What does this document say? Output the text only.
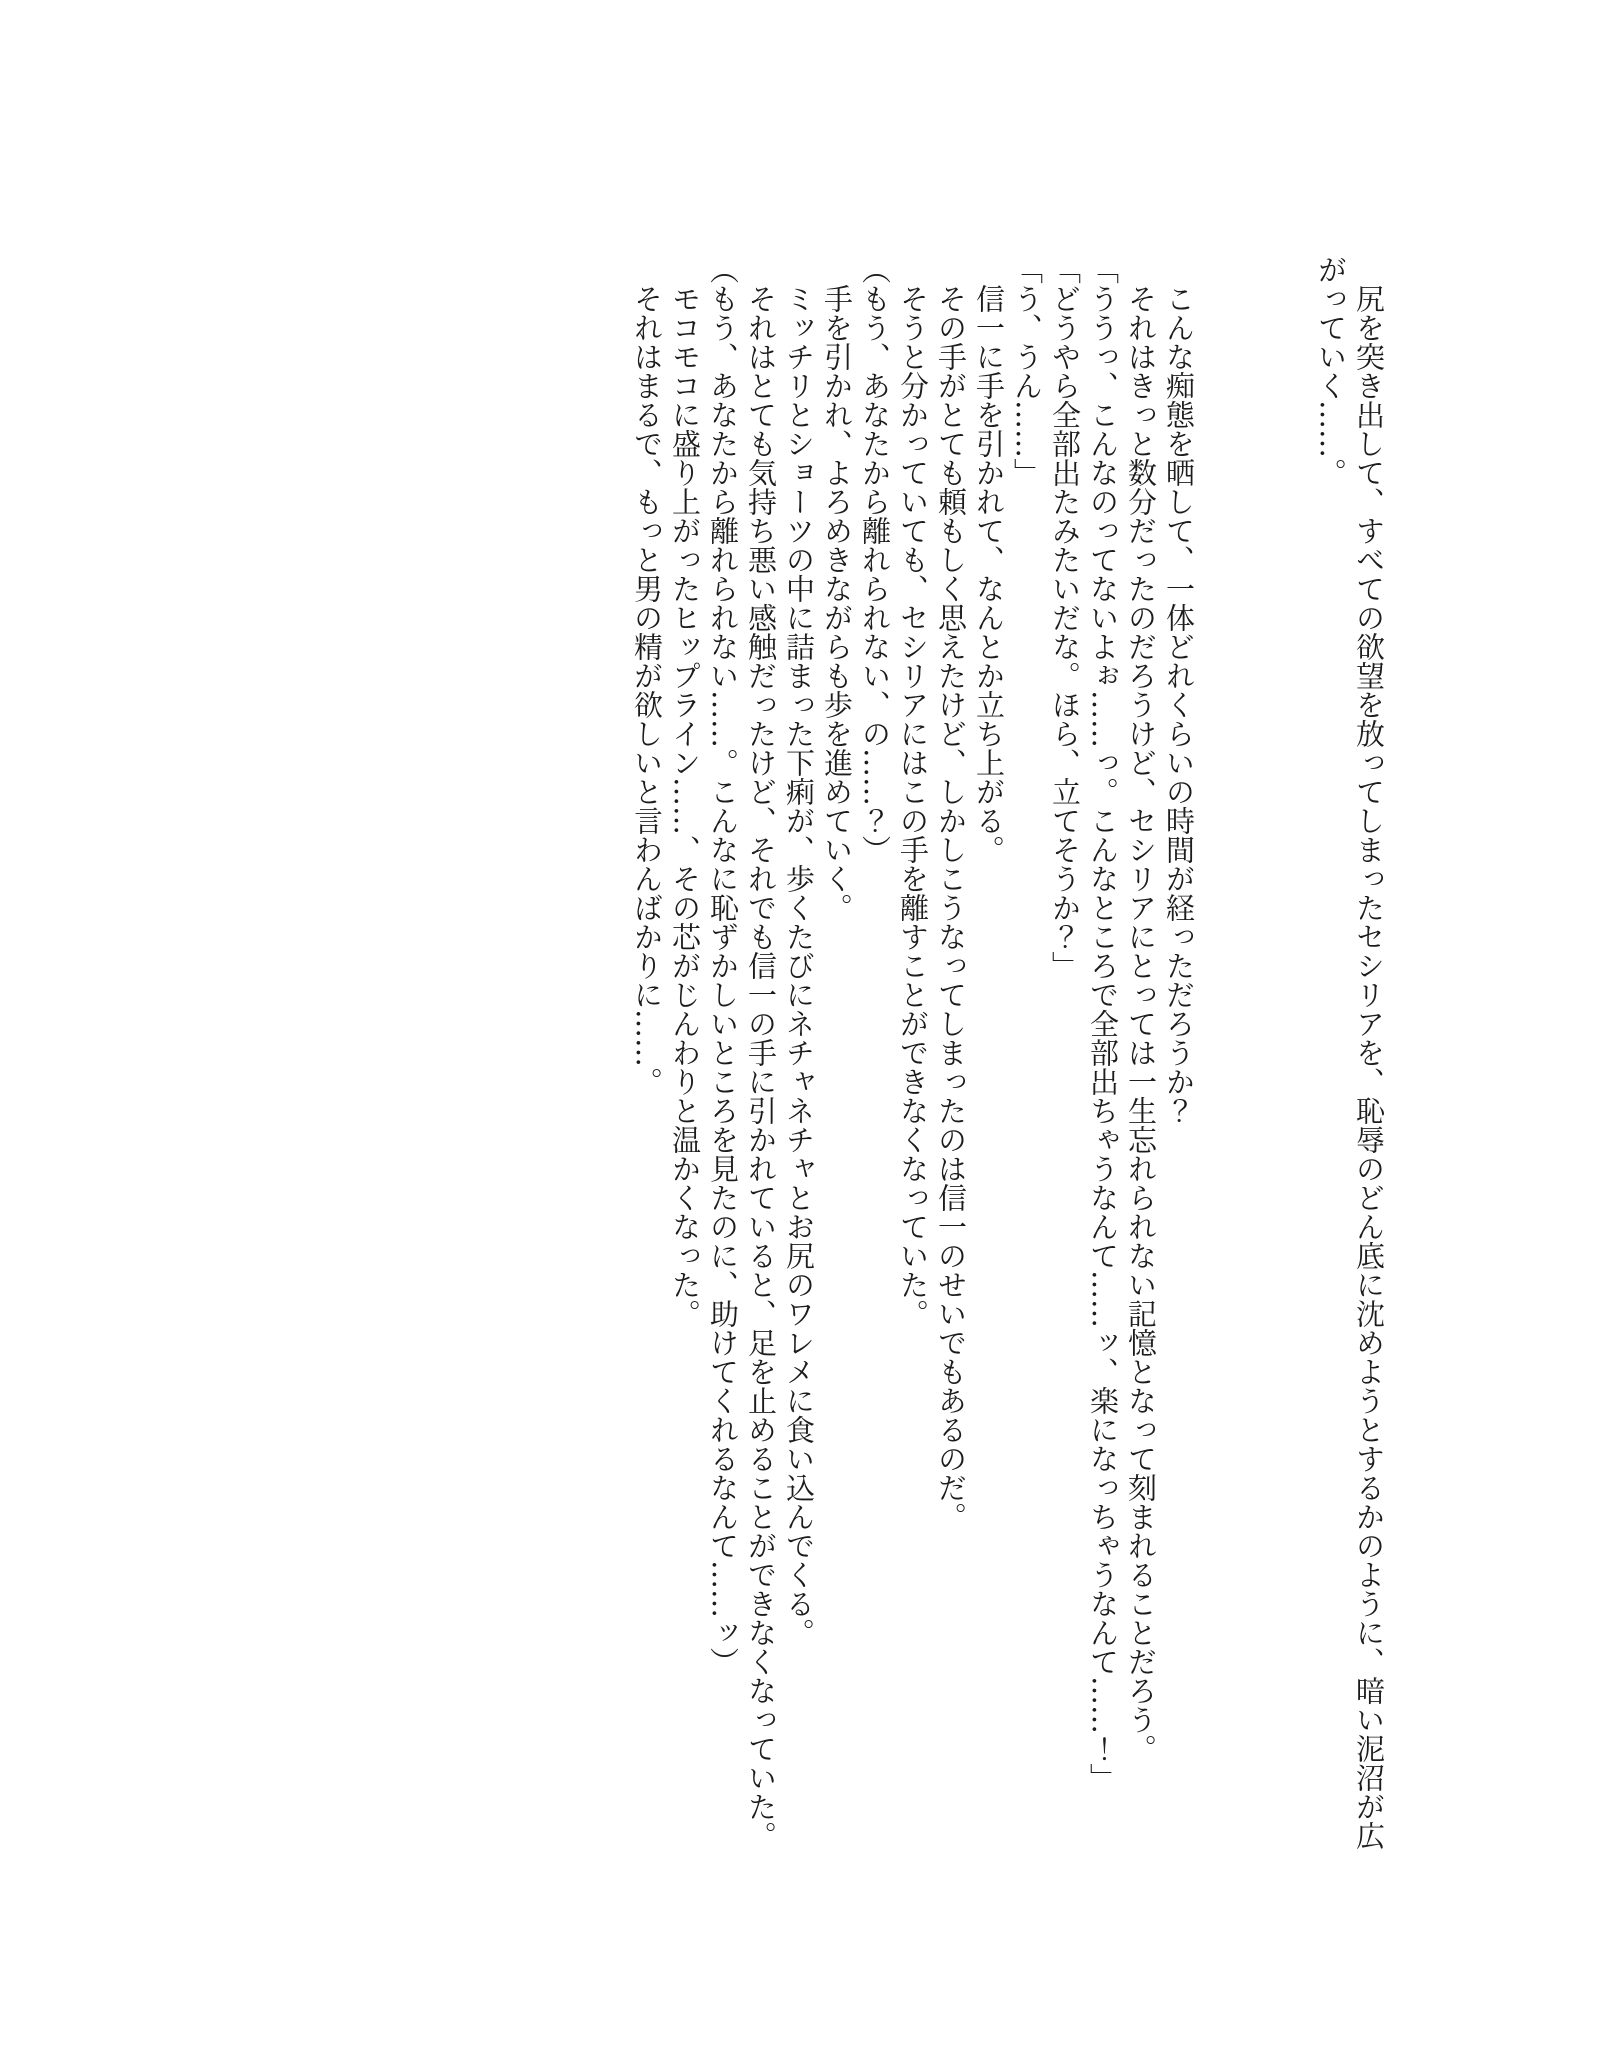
尻を突き出して、すべての欲望を放ってしまったセシリアを、恥辱のどん底に沈めようとするかのように、暗い泥沼が広がっていく……。

こんな痴態を晒して、一体どれくらいの時間が経っただろうか？

それはきっと数分だったのだろうけど、セシリアにとっては一生忘れられない記憶となって刻まれることだろう。

「ううっ、こんなのってないよぉ……っ。こんなところで全部出ちゃうなんて……ッ、楽になっちゃうなんて……！」

「どうやら全部出たみたいだな。ほら、立てそうか？」

「う、うん……」

信一に手を引かれて、なんとか立ち上がる。

その手がとても頼もしく思えたけど、しかしこうなってしまったのは信一のせいでもあるのだ。

そうと分かっていても、セシリアにはこの手を離すことができなくなっていた。

（もう、あなたから離れられない、の……？）

手を引かれ、よろめきながらも歩を進めていく。

ミッチリとショーツの中に詰まった下痢が、歩くたびにネチャネチャとお尻のワレメに食い込んでくる。

それはとても気持ち悪い感触だったけど、それでも信一の手に引かれていると、足を止めることができなくなっていた。

（もう、あなたから離れられない……。こんなに恥ずかしいところを見たのに、助けてくれるなんて……ッ）

モコモコに盛り上がったヒップライン……、その芯がじんわりと温かくなった。

それはまるで、もっと男の精が欲しいと言わんばかりに……。
